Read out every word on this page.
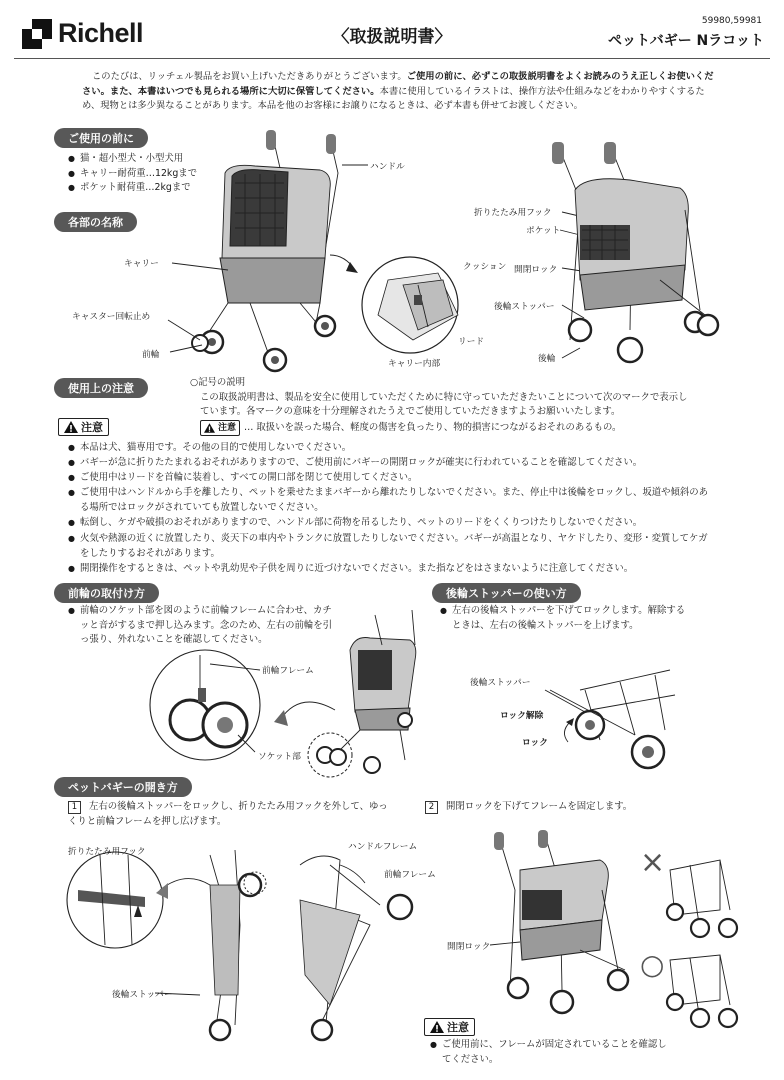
Richell	〈取扱説明書〉
59980,59981
ペットバギー Nラコット
このたびは、リッチェル製品をお買い上げいただきありがとうございます。ご使用の前に、必ずこの取扱説明書をよくお読みのうえ正しくお使いください。また、本書はいつでも見られる場所に大切に保管してください。本書に使用しているイラストは、操作方法や仕組みなどをわかりやすくするため、現物とは多少異なることがあります。本品を他のお客様にお譲りになるときは、必ず本書も併せてお渡しください。
ご使用の前に
● 猫・超小型犬・小型犬用
● キャリー耐荷重…12kgまで
● ポケット耐荷重…2kgまで
各部の名称
ハンドル
キャリー
キャスター回転止め
前輪
クッション
リード
キャリー内部
折りたたみ用フック
ポケット
開閉ロック
後輪ストッパー
後輪
使用上の注意	○記号の説明
この取扱説明書は、製品を安全に使用していただくために特に守っていただきたいことについて次のマークで表示しています。各マークの意味を十分理解されたうえでご使用していただきますようお願いいたします。
注意 … 取扱いを誤った場合、軽度の傷害を負ったり、物的損害につながるおそれのあるもの。
注意
● 本品は犬、猫専用です。その他の目的で使用しないでください。
● バギーが急に折りたたまれるおそれがありますので、ご使用前にバギーの開閉ロックが確実に行われていることを確認してください。
● ご使用中はリードを首輪に装着し、すべての開口部を閉じて使用してください。
● ご使用中はハンドルから手を離したり、ペットを乗せたままバギーから離れたりしないでください。また、停止中は後輪をロックし、坂道や傾斜のある場所ではロックがされていても放置しないでください。
● 転倒し、ケガや破損のおそれがありますので、ハンドル部に荷物を吊るしたり、ペットのリードをくくりつけたりしないでください。
● 火気や熱源の近くに放置したり、炎天下の車内やトランクに放置したりしないでください。バギーが高温となり、ヤケドしたり、変形・変質してケガをしたりするおそれがあります。
● 開閉操作をするときは、ペットや乳幼児や子供を周りに近づけないでください。また指などをはさまないように注意してください。
前輪の取付け方
● 前輪のソケット部を図のように前輪フレームに合わせ、カチッと音がするまで押し込みます。念のため、左右の前輪を引っ張り、外れないことを確認してください。
前輪フレーム
ソケット部
後輪ストッパーの使い方
● 左右の後輪ストッパーを下げてロックします。解除するときは、左右の後輪ストッパーを上げます。
後輪ストッパー
ロック解除
ロック
ペットバギーの開き方
1 左右の後輪ストッパーをロックし、折りたたみ用フックを外して、ゆっくりと前輪フレームを押し広げます。
2 開閉ロックを下げてフレームを固定します。
折りたたみ用フック	ハンドルフレーム
前輪フレーム
後輪ストッパー
開閉ロック
×
○
注意
● ご使用前に、フレームが固定されていることを確認してください。
